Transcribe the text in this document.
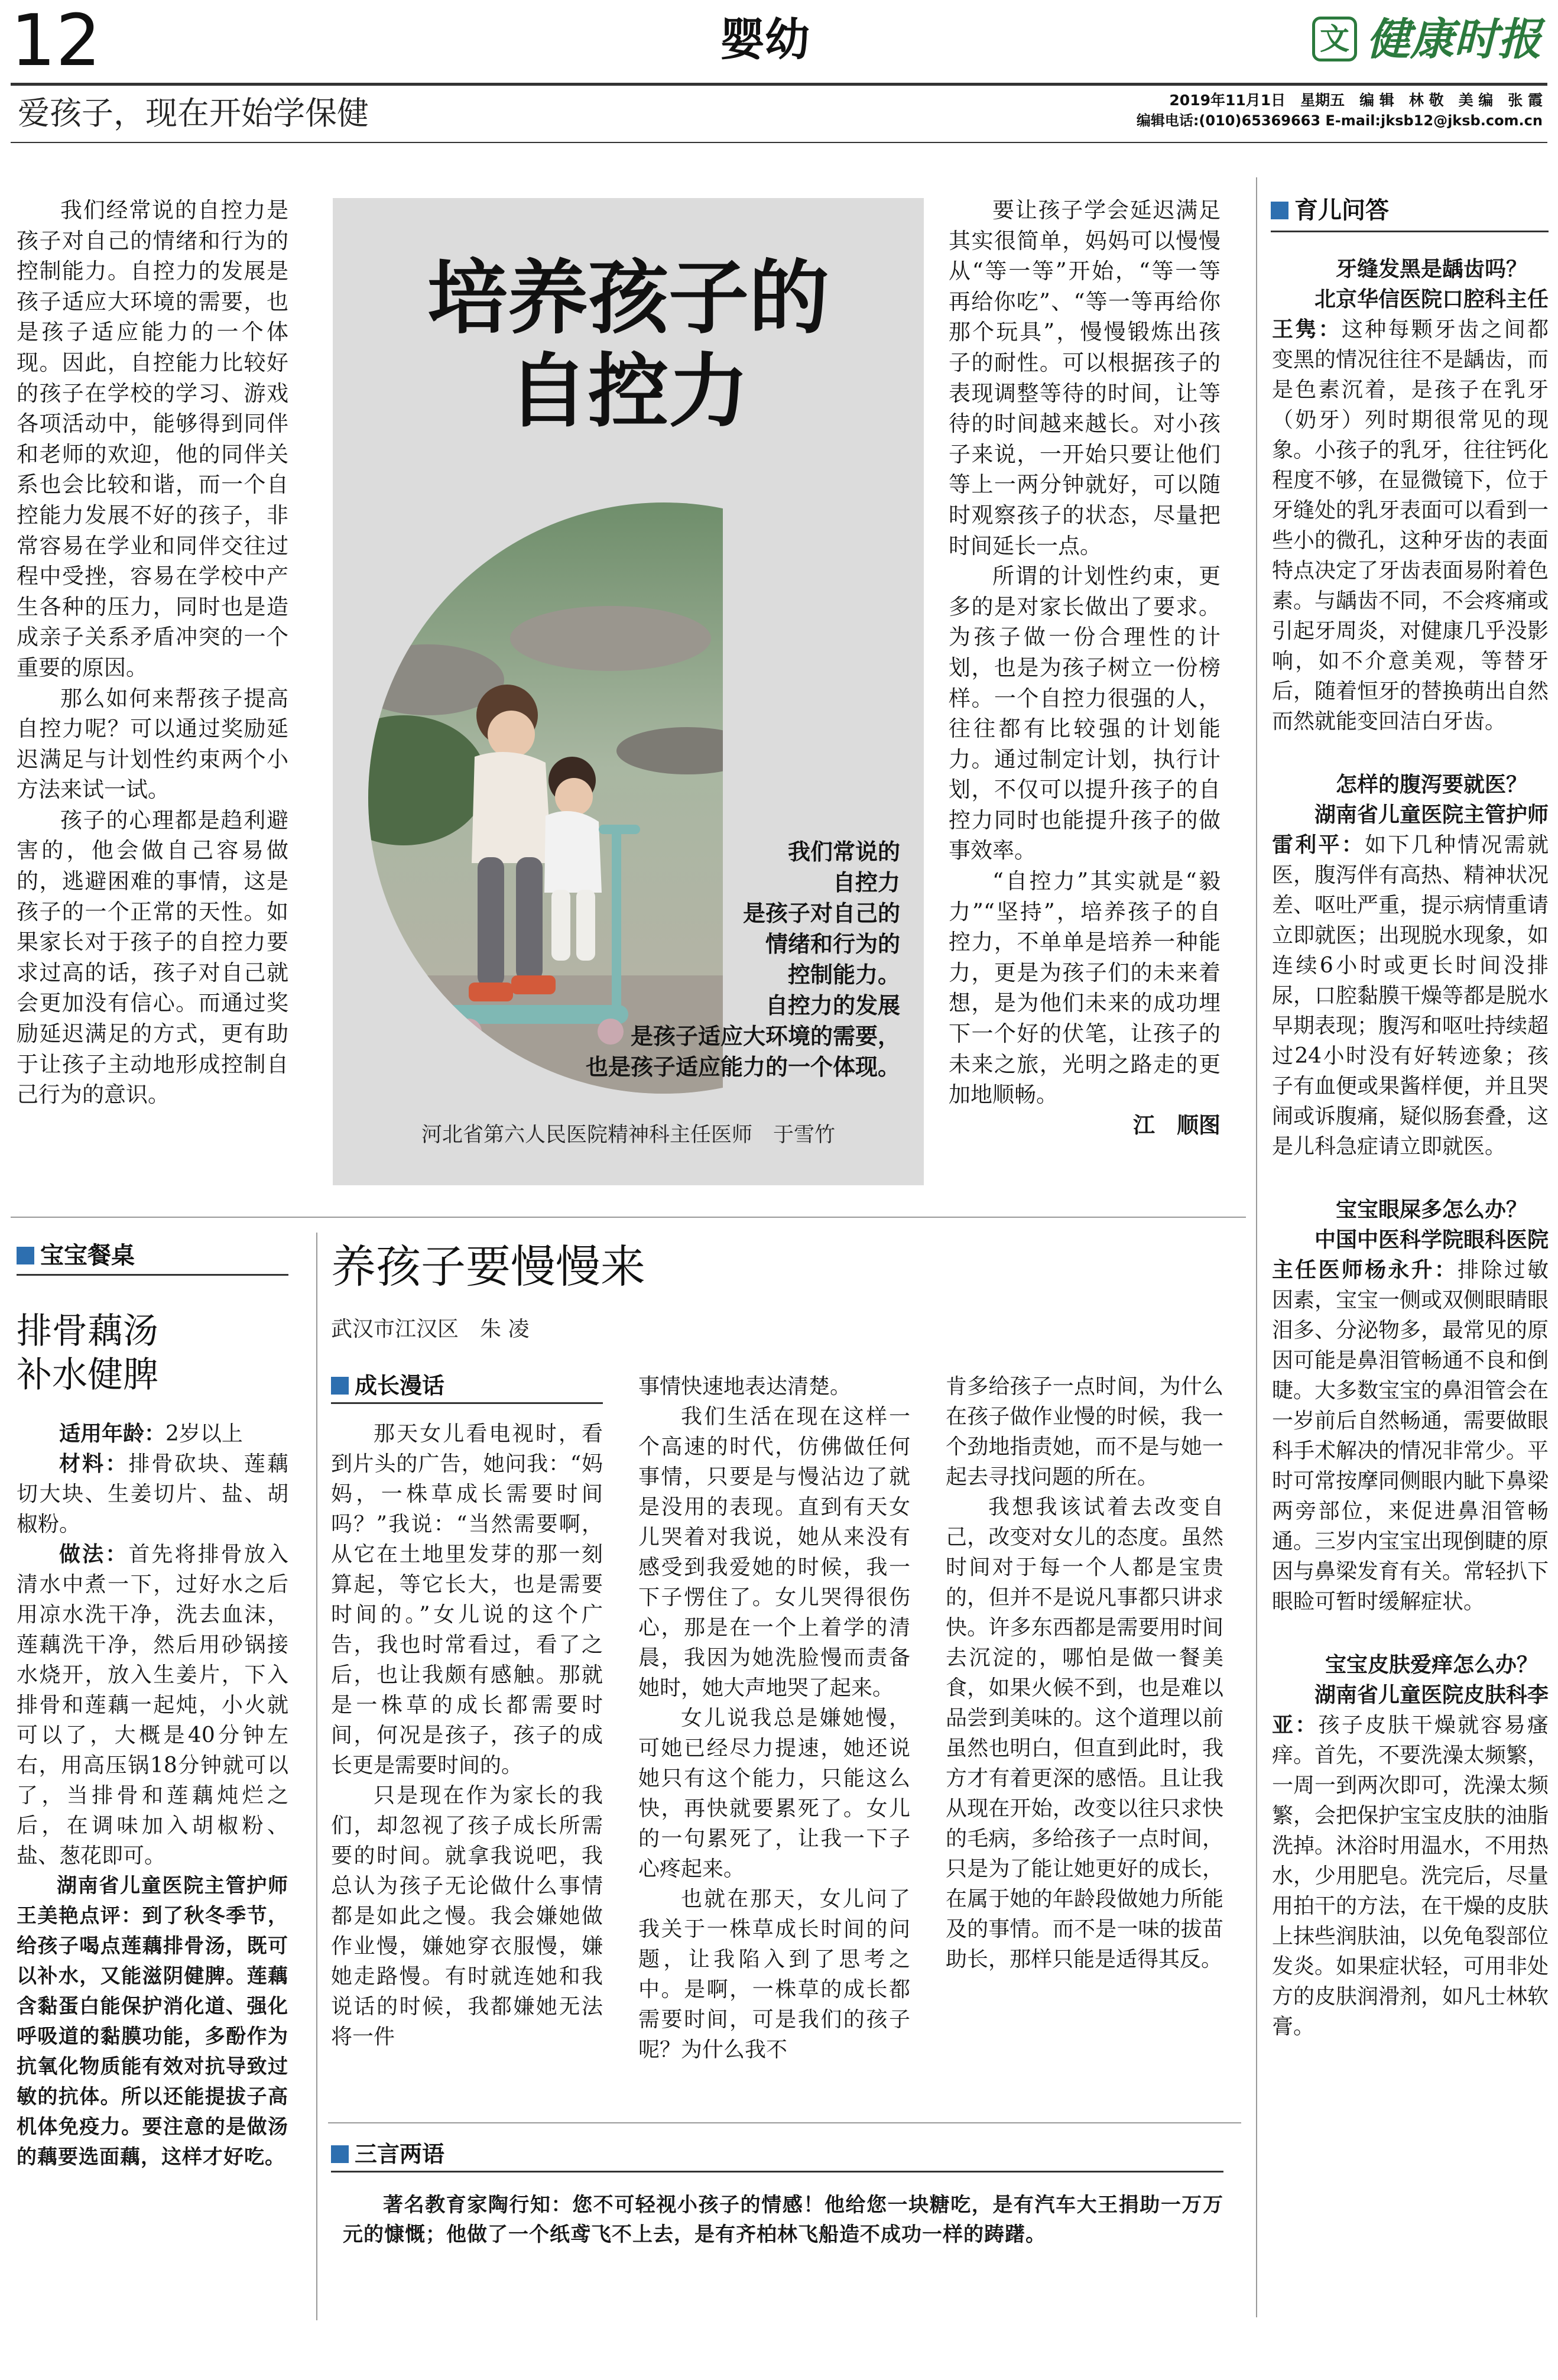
12	婴幼	文 健康时报
爱孩子，现在开始学保健	2019年11月1日　星期五　编 辑　林 敬　美 编　张 霞
编辑电话:(010)65369663 E-mail:jksb12@jksb.com.cn

我们经常说的自控力是孩子对自己的情绪和行为的控制能力。自控力的发展是孩子适应大环境的需要，也是孩子适应能力的一个体现。因此，自控能力比较好的孩子在学校的学习、游戏各项活动中，能够得到同伴和老师的欢迎，他的同伴关系也会比较和谐，而一个自控能力发展不好的孩子，非常容易在学业和同伴交往过程中受挫，容易在学校中产生各种的压力，同时也是造成亲子关系矛盾冲突的一个重要的原因。

那么如何来帮孩子提高自控力呢？可以通过奖励延迟满足与计划性约束两个小方法来试一试。

孩子的心理都是趋利避害的，他会做自己容易做的，逃避困难的事情，这是孩子的一个正常的天性。如果家长对于孩子的自控力要求过高的话，孩子对自己就会更加没有信心。而通过奖励延迟满足的方式，更有助于让孩子主动地形成控制自己行为的意识。

培养孩子的
自控力
我们常说的
自控力
是孩子对自己的
情绪和行为的
控制能力。
自控力的发展
是孩子适应大环境的需要，
也是孩子适应能力的一个体现。
河北省第六人民医院精神科主任医师　于雪竹

要让孩子学会延迟满足其实很简单，妈妈可以慢慢从“等一等”开始，“等一等再给你吃”、“等一等再给你那个玩具”，慢慢锻炼出孩子的耐性。可以根据孩子的表现调整等待的时间，让等待的时间越来越长。对小孩子来说，一开始只要让他们等上一两分钟就好，可以随时观察孩子的状态，尽量把时间延长一点。

所谓的计划性约束，更多的是对家长做出了要求。为孩子做一份合理性的计划，也是为孩子树立一份榜样。一个自控力很强的人，往往都有比较强的计划能力。通过制定计划，执行计划，不仅可以提升孩子的自控力同时也能提升孩子的做事效率。

“自控力”其实就是“毅力”“坚持”，培养孩子的自控力，不单单是培养一种能力，更是为孩子们的未来着想，是为他们未来的成功埋下一个好的伏笔，让孩子的未来之旅，光明之路走的更加地顺畅。

江　顺图

育儿问答

牙缝发黑是龋齿吗？

北京华信医院口腔科主任王隽：这种每颗牙齿之间都变黑的情况往往不是龋齿，而是色素沉着，是孩子在乳牙（奶牙）列时期很常见的现象。小孩子的乳牙，往往钙化程度不够，在显微镜下，位于牙缝处的乳牙表面可以看到一些小的微孔，这种牙齿的表面特点决定了牙齿表面易附着色素。与龋齿不同，不会疼痛或引起牙周炎，对健康几乎没影响，如不介意美观，等替牙后，随着恒牙的替换萌出自然而然就能变回洁白牙齿。

怎样的腹泻要就医？

湖南省儿童医院主管护师雷利平：如下几种情况需就医，腹泻伴有高热、精神状况差、呕吐严重，提示病情重请立即就医；出现脱水现象，如连续6小时或更长时间没排尿，口腔黏膜干燥等都是脱水早期表现；腹泻和呕吐持续超过24小时没有好转迹象；孩子有血便或果酱样便，并且哭闹或诉腹痛，疑似肠套叠，这是儿科急症请立即就医。

宝宝眼屎多怎么办？

中国中医科学院眼科医院主任医师杨永升：排除过敏因素，宝宝一侧或双侧眼睛眼泪多、分泌物多，最常见的原因可能是鼻泪管畅通不良和倒睫。大多数宝宝的鼻泪管会在一岁前后自然畅通，需要做眼科手术解决的情况非常少。平时可常按摩同侧眼内眦下鼻梁两旁部位，来促进鼻泪管畅通。三岁内宝宝出现倒睫的原因与鼻梁发育有关。常轻扒下眼睑可暂时缓解症状。

宝宝皮肤爱痒怎么办？

湖南省儿童医院皮肤科李亚：孩子皮肤干燥就容易瘙痒。首先，不要洗澡太频繁，一周一到两次即可，洗澡太频繁，会把保护宝宝皮肤的油脂洗掉。沐浴时用温水，不用热水，少用肥皂。洗完后，尽量用拍干的方法，在干燥的皮肤上抹些润肤油，以免龟裂部位发炎。如果症状轻，可用非处方的皮肤润滑剂，如凡士林软膏。

宝宝餐桌
排骨藕汤
补水健脾

适用年龄：2岁以上

材料：排骨砍块、莲藕切大块、生姜切片、盐、胡椒粉。

做法：首先将排骨放入清水中煮一下，过好水之后用凉水洗干净，洗去血沫，莲藕洗干净，然后用砂锅接水烧开，放入生姜片，下入排骨和莲藕一起炖，小火就可以了，大概是40分钟左右，用高压锅18分钟就可以了，当排骨和莲藕炖烂之后，在调味加入胡椒粉、盐、葱花即可。

湖南省儿童医院主管护师王美艳点评：到了秋冬季节，给孩子喝点莲藕排骨汤，既可以补水，又能滋阴健脾。莲藕含黏蛋白能保护消化道、强化呼吸道的黏膜功能，多酚作为抗氧化物质能有效对抗导致过敏的抗体。所以还能提拔子高机体免疫力。要注意的是做汤的藕要选面藕，这样才好吃。

养孩子要慢慢来
武汉市江汉区　朱 凌
成长漫话

那天女儿看电视时，看到片头的广告，她问我：“妈妈，一株草成长需要时间吗？”我说：“当然需要啊，从它在土地里发芽的那一刻算起，等它长大，也是需要时间的。”女儿说的这个广告，我也时常看过，看了之后，也让我颇有感触。那就是一株草的成长都需要时间，何况是孩子，孩子的成长更是需要时间的。

只是现在作为家长的我们，却忽视了孩子成长所需要的时间。就拿我说吧，我总认为孩子无论做什么事情都是如此之慢。我会嫌她做作业慢，嫌她穿衣服慢，嫌她走路慢。有时就连她和我说话的时候，我都嫌她无法将一件

事情快速地表达清楚。

我们生活在现在这样一个高速的时代，仿佛做任何事情，只要是与慢沾边了就是没用的表现。直到有天女儿哭着对我说，她从来没有感受到我爱她的时候，我一下子愣住了。女儿哭得很伤心，那是在一个上着学的清晨，我因为她洗脸慢而责备她时，她大声地哭了起来。

女儿说我总是嫌她慢，可她已经尽力提速，她还说她只有这个能力，只能这么快，再快就要累死了。女儿的一句累死了，让我一下子心疼起来。

也就在那天，女儿问了我关于一株草成长时间的问题，让我陷入到了思考之中。是啊，一株草的成长都需要时间，可是我们的孩子呢？为什么我不

肯多给孩子一点时间，为什么在孩子做作业慢的时候，我一个劲地指责她，而不是与她一起去寻找问题的所在。

我想我该试着去改变自己，改变对女儿的态度。虽然时间对于每一个人都是宝贵的，但并不是说凡事都只讲求快。许多东西都是需要用时间去沉淀的，哪怕是做一餐美食，如果火候不到，也是难以品尝到美味的。这个道理以前虽然也明白，但直到此时，我方才有着更深的感悟。且让我从现在开始，改变以往只求快的毛病，多给孩子一点时间，只是为了能让她更好的成长，在属于她的年龄段做她力所能及的事情。而不是一味的拔苗助长，那样只能是适得其反。

三言两语

著名教育家陶行知：您不可轻视小孩子的情感！他给您一块糖吃，是有汽车大王捐助一万万元的慷慨；他做了一个纸鸢飞不上去，是有齐柏林飞船造不成功一样的踌躇。
